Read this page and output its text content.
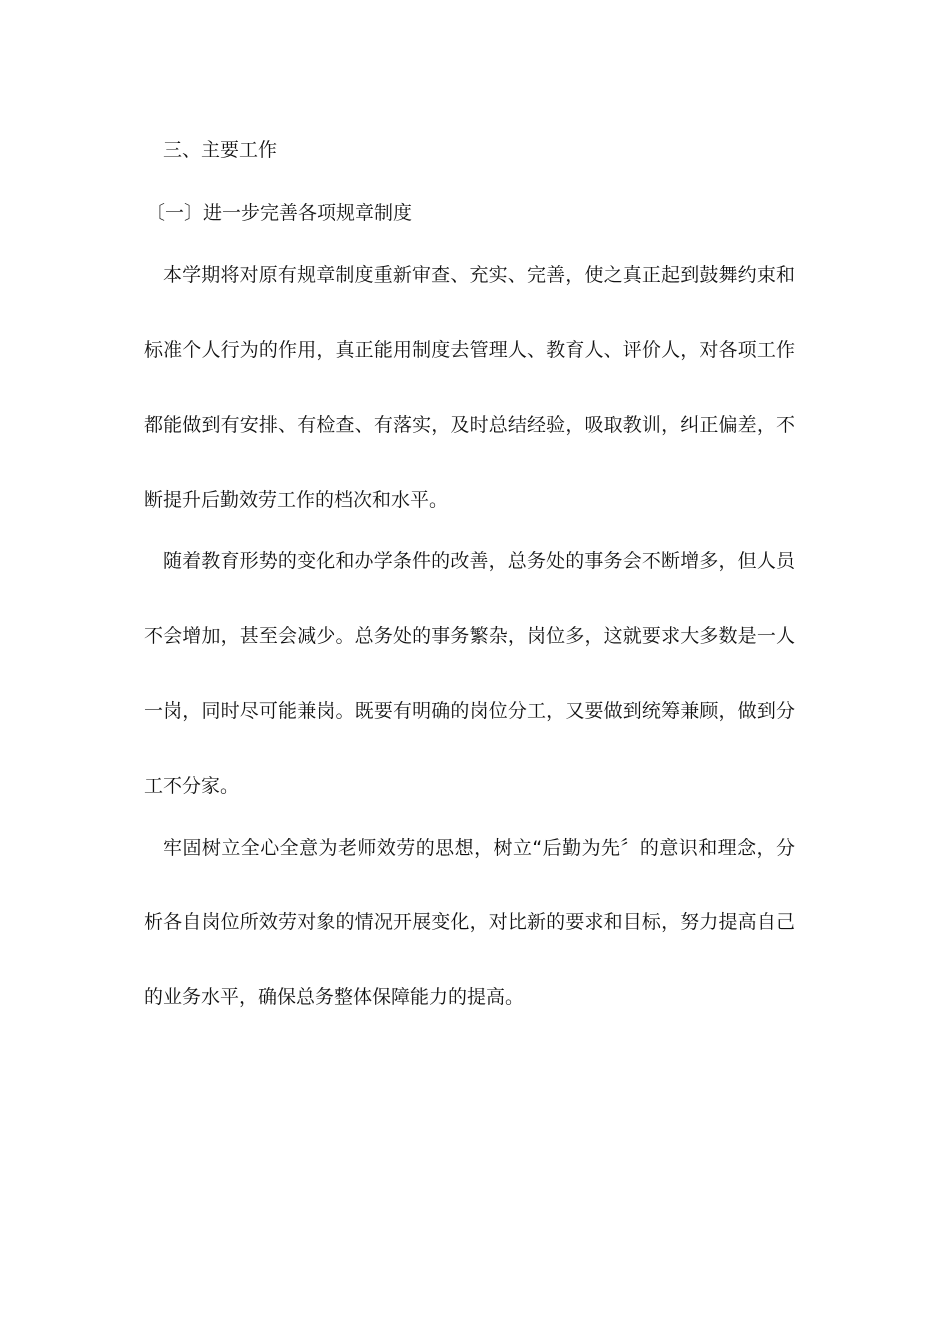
三、主要工作
〔一〕进一步完善各项规章制度
本学期将对原有规章制度重新审查、充实、完善，使之真正起到鼓舞约束和
标准个人行为的作用，真正能用制度去管理人、教育人、评价人，对各项工作
都能做到有安排、有检查、有落实，及时总结经验，吸取教训，纠正偏差，不
断提升后勤效劳工作的档次和水平。
随着教育形势的变化和办学条件的改善，总务处的事务会不断增多，但人员
不会增加，甚至会减少。总务处的事务繁杂，岗位多，这就要求大多数是一人
一岗，同时尽可能兼岗。既要有明确的岗位分工，又要做到统筹兼顾，做到分
工不分家。
牢固树立全心全意为老师效劳的思想，树立“后勤为先〞的意识和理念，分
析各自岗位所效劳对象的情况开展变化，对比新的要求和目标，努力提高自己
的业务水平，确保总务整体保障能力的提高。
